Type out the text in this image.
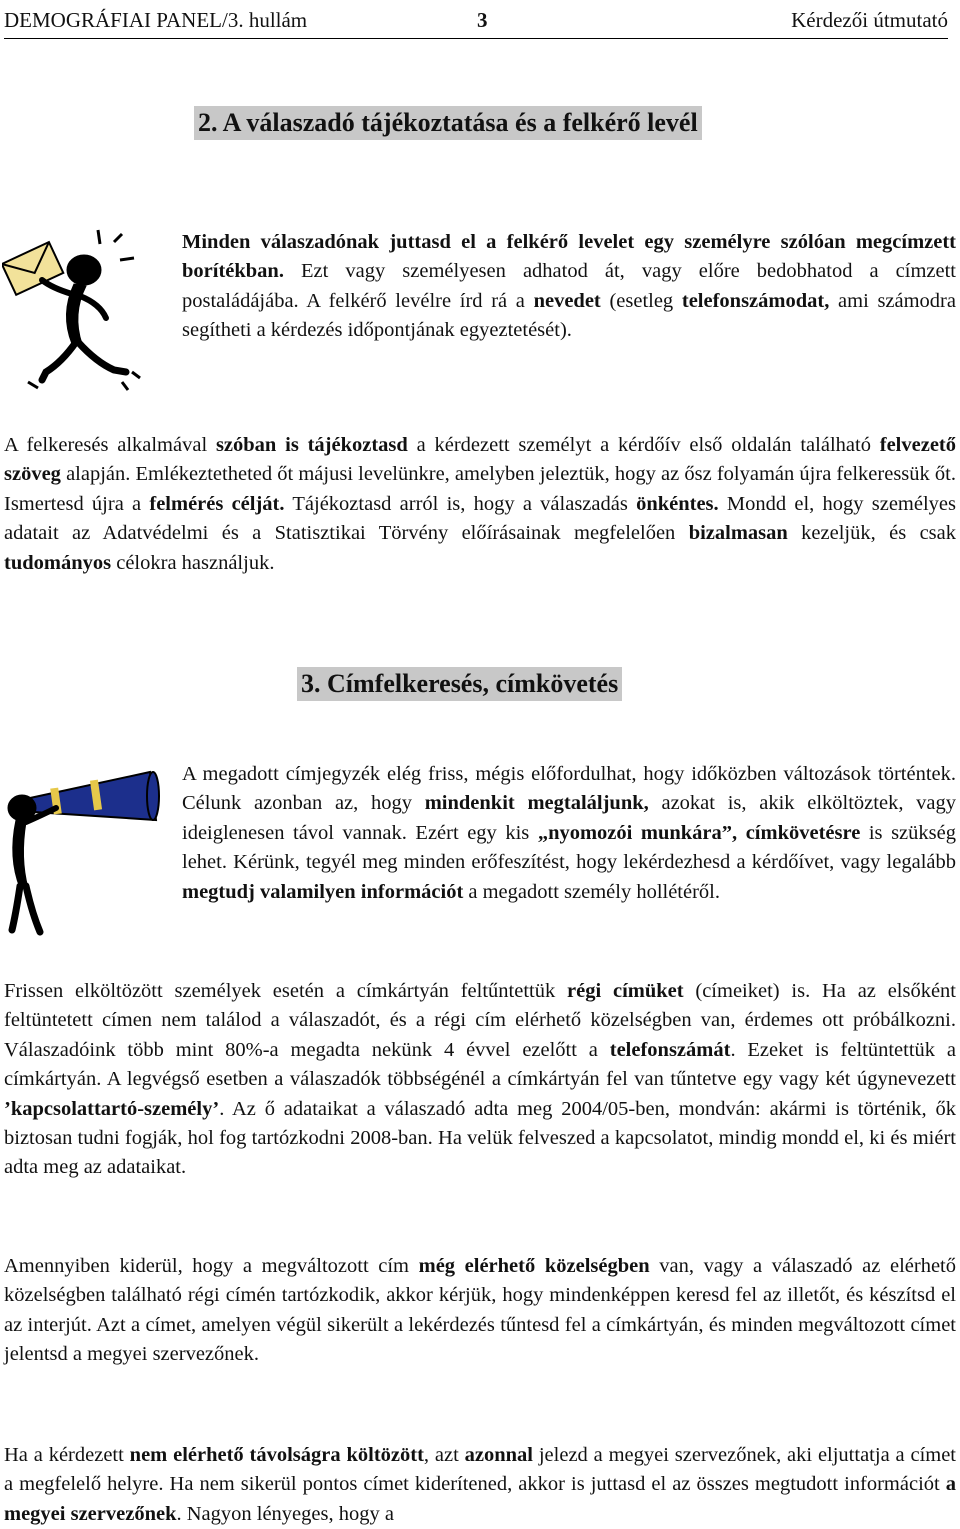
DEMOGRÁFIAI PANEL/3. hullám	3	Kérdezői útmutató
2. A válaszadó tájékoztatása és a felkérő levél
Minden válaszadónak juttasd el a felkérő levelet egy személyre szólóan megcímzett borítékban. Ezt vagy személyesen adhatod át, vagy előre bedobhatod a címzett postaládájába. A felkérő levélre írd rá a nevedet (esetleg telefonszámodat, ami számodra segítheti a kérdezés időpontjának egyeztetését).
A felkeresés alkalmával szóban is tájékoztasd a kérdezett személyt a kérdőív első oldalán található felvezető szöveg alapján. Emlékeztetheted őt májusi levelünkre, amelyben jeleztük, hogy az ősz folyamán újra felkeressük őt. Ismertesd újra a felmérés célját. Tájékoztasd arról is, hogy a válaszadás önkéntes. Mondd el, hogy személyes adatait az Adatvédelmi és a Statisztikai Törvény előírásainak megfelelően bizalmasan kezeljük, és csak tudományos célokra használjuk.
3. Címfelkeresés, címkövetés
A megadott címjegyzék elég friss, mégis előfordulhat, hogy időközben változások történtek. Célunk azonban az, hogy mindenkit megtaláljunk, azokat is, akik elköltöztek, vagy ideiglenesen távol vannak. Ezért egy kis „nyomozói munkára”, címkövetésre is szükség lehet. Kérünk, tegyél meg minden erőfeszítést, hogy lekérdezhesd a kérdőívet, vagy legalább megtudj valamilyen információt a megadott személy hollétéről.
Frissen elköltözött személyek esetén a címkártyán feltűntettük régi címüket (címeiket) is. Ha az elsőként feltüntetett címen nem találod a válaszadót, és a régi cím elérhető közelségben van, érdemes ott próbálkozni. Válaszadóink több mint 80%-a megadta nekünk 4 évvel ezelőtt a telefonszámát. Ezeket is feltüntettük a címkártyán. A legvégső esetben a válaszadók többségénél a címkártyán fel van tűntetve egy vagy két úgynevezett ’kapcsolattartó-személy’. Az ő adataikat a válaszadó adta meg 2004/05-ben, mondván: akármi is történik, ők biztosan tudni fogják, hol fog tartózkodni 2008-ban. Ha velük felveszed a kapcsolatot, mindig mondd el, ki és miért adta meg az adataikat.
Amennyiben kiderül, hogy a megváltozott cím még elérhető közelségben van, vagy a válaszadó az elérhető közelségben található régi címén tartózkodik, akkor kérjük, hogy mindenképpen keresd fel az illetőt, és készítsd el az interjút. Azt a címet, amelyen végül sikerült a lekérdezés tűntesd fel a címkártyán, és minden megváltozott címet jelentsd a megyei szervezőnek.
Ha a kérdezett nem elérhető távolságra költözött, azt azonnal jelezd a megyei szervezőnek, aki eljuttatja a címet a megfelelő helyre. Ha nem sikerül pontos címet kiderítened, akkor is juttasd el az összes megtudott információt a megyei szervezőnek. Nagyon lényeges, hogy a
